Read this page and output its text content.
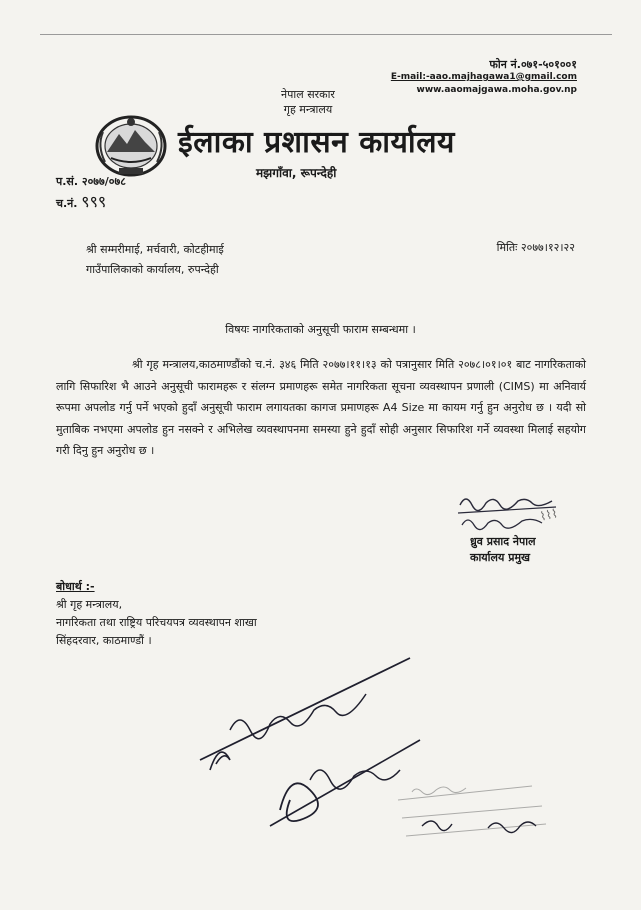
फोन नं.०७१-५०१००१
E-mail:-aao.majhagawa1@gmail.com
www.aaomajgawa.moha.gov.np
नेपाल सरकार
गृह मन्त्रालय
ईलाका प्रशासन कार्यालय
मझगाँवा, रूपन्देही
प.सं. २०७७/०७८
च.नं. ९९९
श्री सम्मरीमाई, मर्चवारी, कोटहीमाई
गाउँपालिकाको कार्यालय, रुपन्देही
मितिः २०७७।१२।२२
विषयः नागरिकताको अनुसूची फाराम सम्बन्धमा ।
श्री गृह मन्त्रालय,काठमाण्डौंको च.नं. ३४६ मिति २०७७।११।१३ को पत्रानुसार मिति २०७८।०१।०१ बाट नागरिकताको लागि सिफारिश भै आउने अनुसूची फारामहरू र संलग्न प्रमाणहरू समेत नागरिकता सूचना व्यवस्थापन प्रणाली (CIMS) मा अनिवार्य रूपमा अपलोड गर्नु पर्ने भएको हुदाँ अनुसूची फाराम लगायतका कागज प्रमाणहरू A4 Size मा कायम गर्नु हुन अनुरोध छ । यदी सो मुताबिक नभएमा अपलोड हुन नसक्ने र अभिलेख व्यवस्थापनमा समस्या हुने हुदाँ सोही अनुसार सिफारिश गर्ने व्यवस्था मिलाई सहयोग गरी दिनु हुन अनुरोध छ ।
⌇⌇⌇
ध्रुव प्रसाद नेपाल
कार्यालय प्रमुख
बोधार्थ :-
श्री गृह मन्त्रालय,
नागरिकता तथा राष्ट्रिय परिचयपत्र व्यवस्थापन शाखा
सिंहदरवार, काठमाण्डौं ।
